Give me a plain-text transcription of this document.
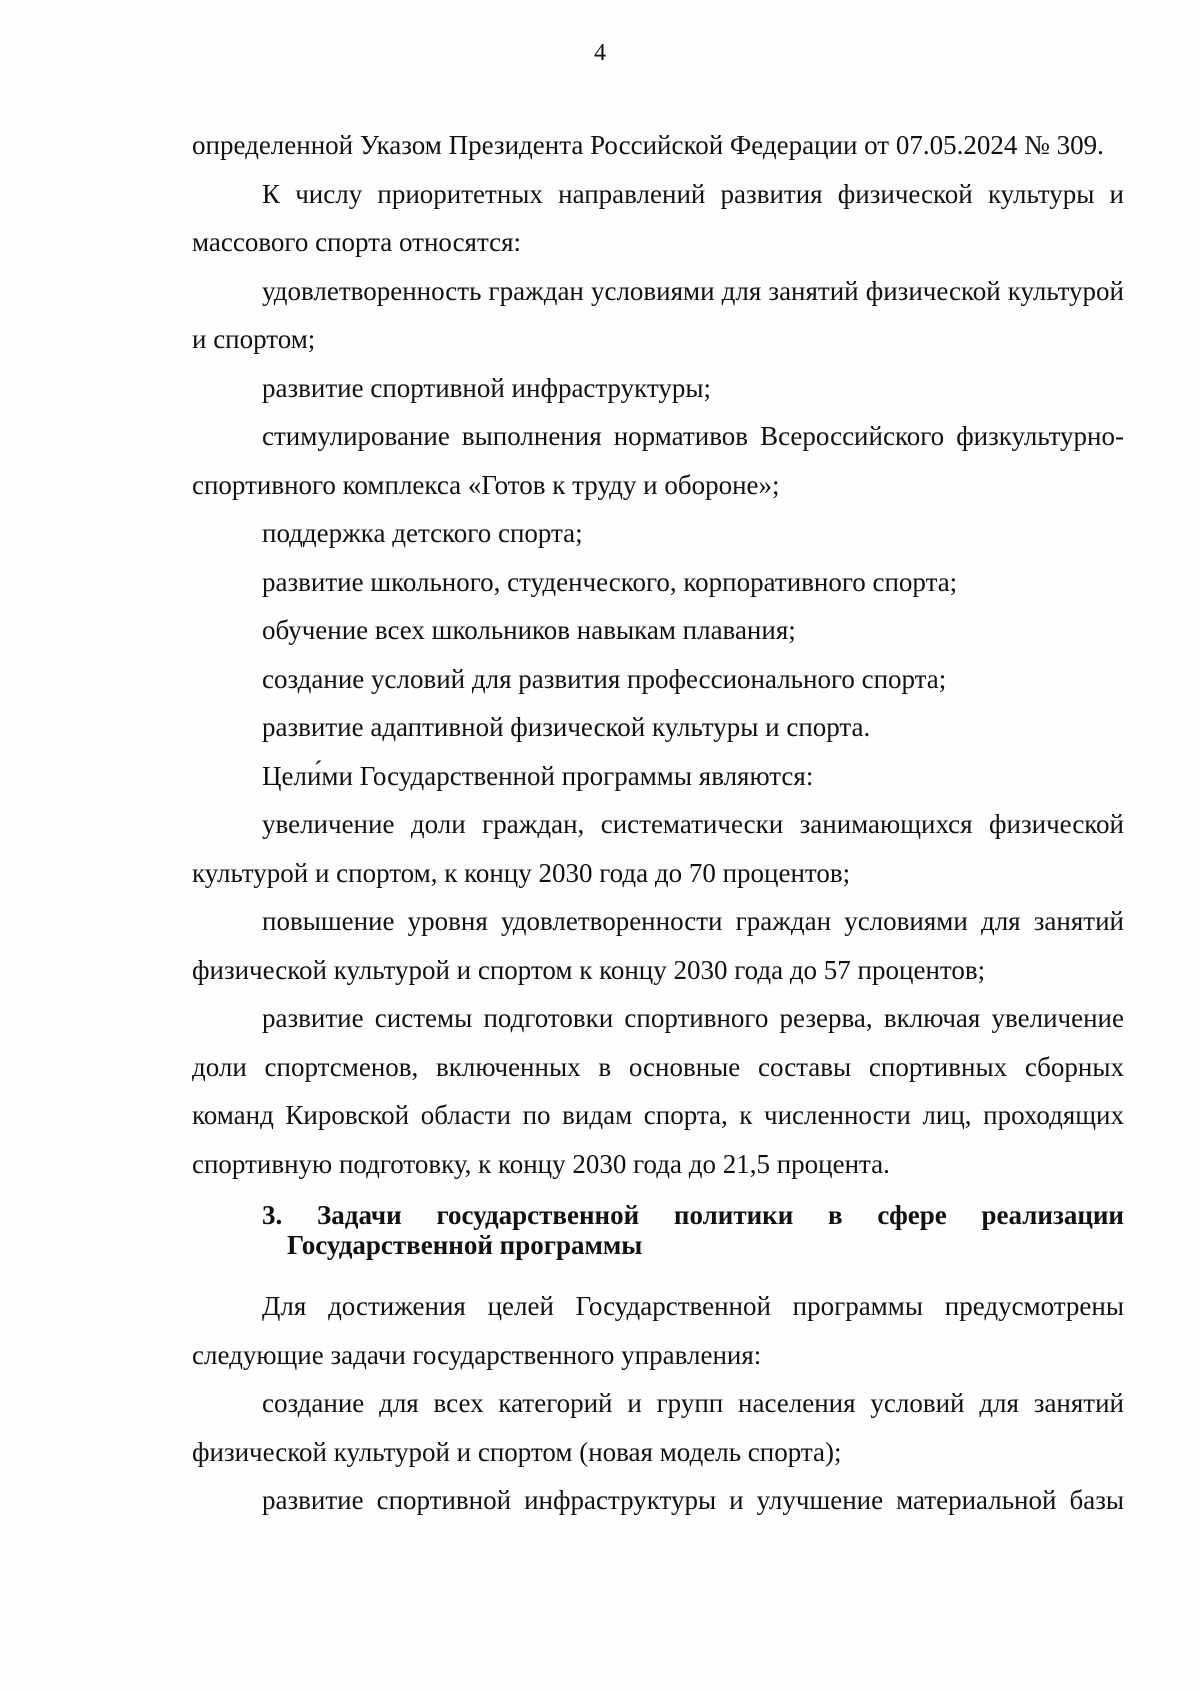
4

определенной Указом Президента Российской Федерации от 07.05.2024 № 309.

К числу приоритетных направлений развития физической культуры и массового спорта относятся:

удовлетворенность граждан условиями для занятий физической культурой и спортом;

развитие спортивной инфраструктуры;

стимулирование выполнения нормативов Всероссийского физкультурно-спортивного комплекса «Готов к труду и обороне»;

поддержка детского спорта;

развитие школьного, студенческого, корпоративного спорта;

обучение всех школьников навыкам плавания;

создание условий для развития профессионального спорта;

развитие адаптивной физической культуры и спорта.

Цели́ми Государственной программы являются:

увеличение доли граждан, систематически занимающихся физической культурой и спортом, к концу 2030 года до 70 процентов;

повышение уровня удовлетворенности граждан условиями для занятий физической культурой и спортом к концу 2030 года до 57 процентов;

развитие системы подготовки спортивного резерва, включая увеличение доли спортсменов, включенных в основные составы спортивных сборных команд Кировской области по видам спорта, к численности лиц, проходящих спортивную подготовку, к концу 2030 года до 21,5 процента.

3. Задачи государственной политики в сфере реализации
Государственной программы

Для достижения целей Государственной программы предусмотрены следующие задачи государственного управления:

создание для всех категорий и групп населения условий для занятий физической культурой и спортом (новая модель спорта);

развитие спортивной инфраструктуры и улучшение материальной базы
